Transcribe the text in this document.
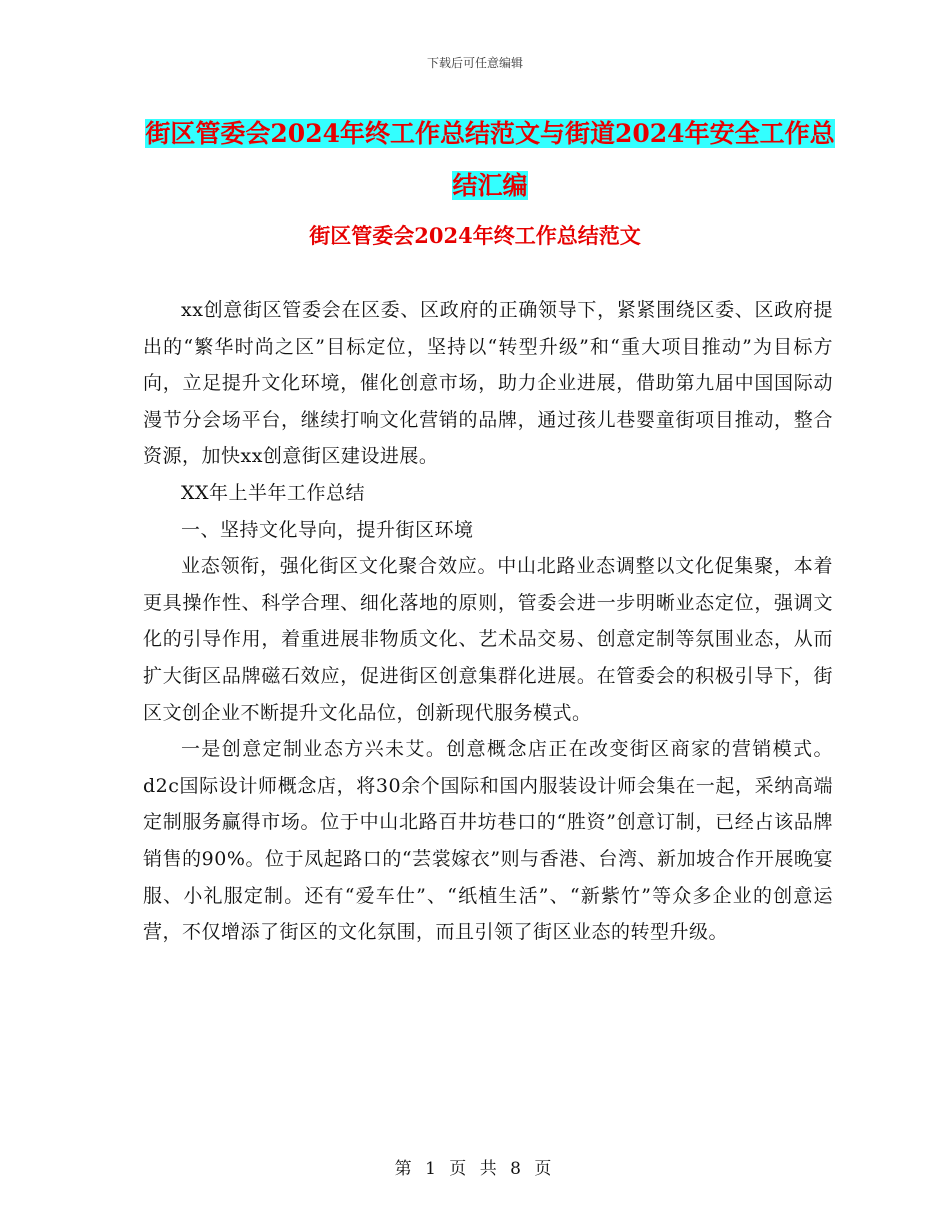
下载后可任意编辑
街区管委会2024年终工作总结范文与街道2024年安全工作总结汇编
街区管委会2024年终工作总结范文

xx创意街区管委会在区委、区政府的正确领导下，紧紧围绕区委、区政府提出的“繁华时尚之区”目标定位，坚持以“转型升级”和“重大项目推动”为目标方向，立足提升文化环境，催化创意市场，助力企业进展，借助第九届中国国际动漫节分会场平台，继续打响文化营销的品牌，通过孩儿巷婴童街项目推动，整合资源，加快xx创意街区建设进展。

XX年上半年工作总结

一、坚持文化导向，提升街区环境

业态领衔，强化街区文化聚合效应。中山北路业态调整以文化促集聚，本着更具操作性、科学合理、细化落地的原则，管委会进一步明晰业态定位，强调文化的引导作用，着重进展非物质文化、艺术品交易、创意定制等氛围业态，从而扩大街区品牌磁石效应，促进街区创意集群化进展。在管委会的积极引导下，街区文创企业不断提升文化品位，创新现代服务模式。

一是创意定制业态方兴未艾。创意概念店正在改变街区商家的营销模式。d2c国际设计师概念店，将30余个国际和国内服装设计师会集在一起，采纳高端定制服务赢得市场。位于中山北路百井坊巷口的“胜资”创意订制，已经占该品牌销售的90%。位于凤起路口的“芸裳嫁衣”则与香港、台湾、新加坡合作开展晚宴服、小礼服定制。还有“爱车仕”、“纸植生活”、“新紫竹”等众多企业的创意运营，不仅增添了街区的文化氛围，而且引领了街区业态的转型升级。

第 1 页 共 8 页
